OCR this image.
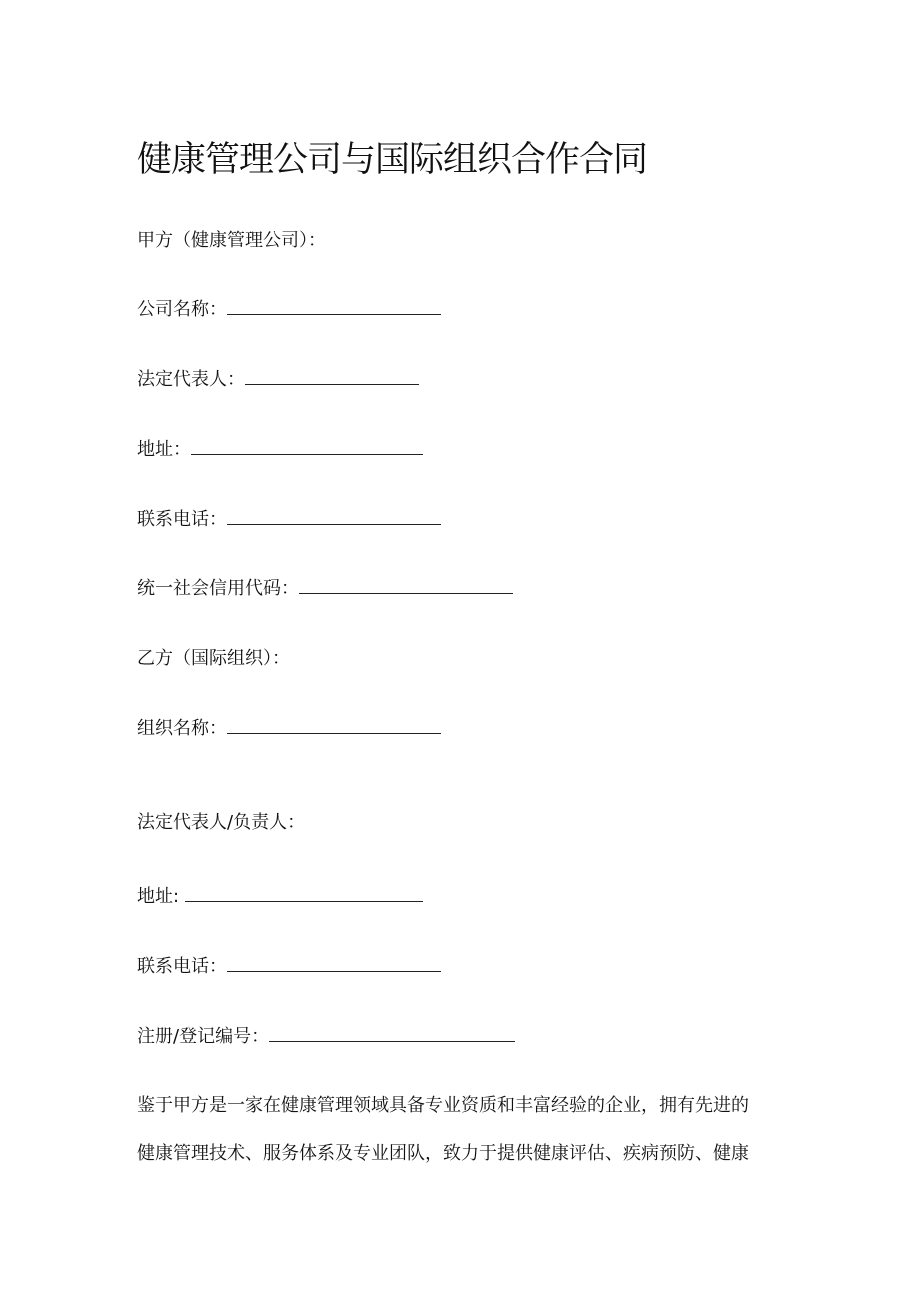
健康管理公司与国际组织合作合同
甲方（健康管理公司）：
公司名称：
法定代表人：
地址：
联系电话：
统一社会信用代码：
乙方（国际组织）：
组织名称：
法定代表人/负责人：
地址:
联系电话：
注册/登记编号：
鉴于甲方是一家在健康管理领域具备专业资质和丰富经验的企业，拥有先进的
健康管理技术、服务体系及专业团队，致力于提供健康评估、疾病预防、健康
